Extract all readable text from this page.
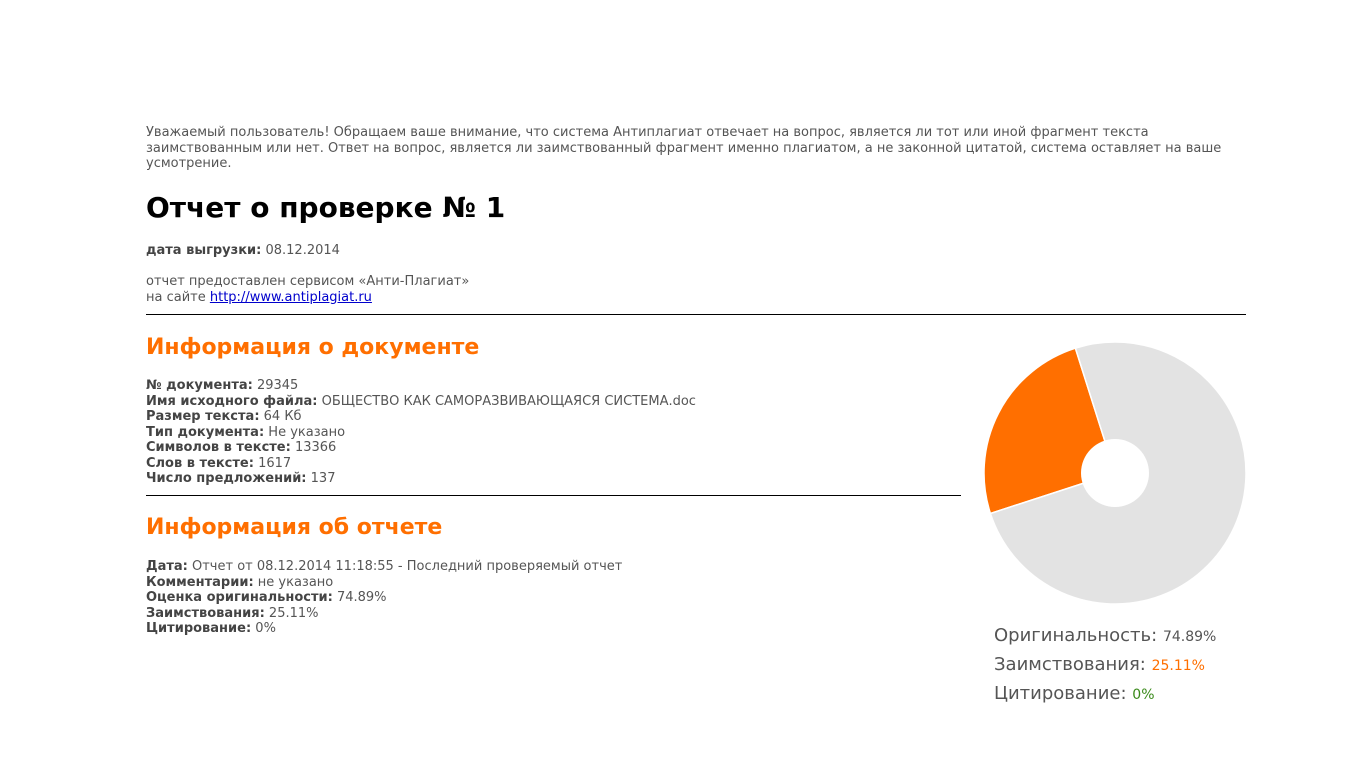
Уважаемый пользователь! Обращаем ваше внимание, что система Антиплагиат отвечает на вопрос, является ли тот или иной фрагмент текста заимствованным или нет. Ответ на вопрос, является ли заимствованный фрагмент именно плагиатом, а не законной цитатой, система оставляет на ваше усмотрение.

Отчет о проверке № 1
дата выгрузки: 08.12.2014
отчет предоставлен сервисом «Анти-Плагиат»
на сайте http://www.antiplagiat.ru
Информация о документе
№ документа: 29345
Имя исходного файла: ОБЩЕСТВО КАК САМОРАЗВИВАЮЩАЯСЯ СИСТЕМА.doc
Размер текста: 64 Кб
Тип документа: Не указано
Символов в тексте: 13366
Слов в тексте: 1617
Число предложений: 137
Информация об отчете
Дата: Отчет от 08.12.2014 11:18:55 - Последний проверяемый отчет
Комментарии: не указано
Оценка оригинальности: 74.89%
Заимствования: 25.11%
Цитирование: 0%	Оригинальность: 74.89%
Заимствования: 25.11%
Цитирование: 0%
